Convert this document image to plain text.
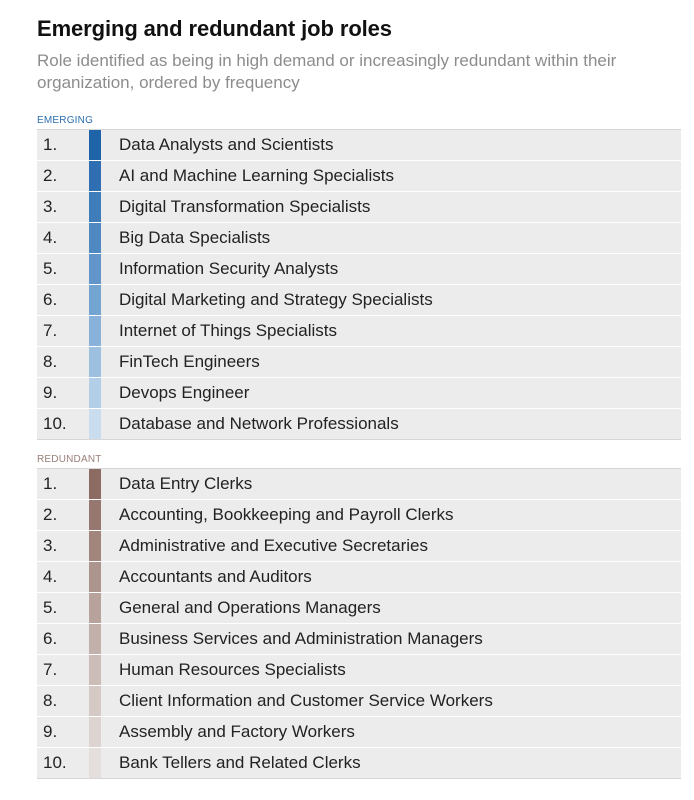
Emerging and redundant job roles

Role identified as being in high demand or increasingly redundant within their organization, ordered by frequency

EMERGING
1.	Data Analysts and Scientists
2.	AI and Machine Learning Specialists
3.	Digital Transformation Specialists
4.	Big Data Specialists
5.	Information Security Analysts
6.	Digital Marketing and Strategy Specialists
7.	Internet of Things Specialists
8.	FinTech Engineers
9.	Devops Engineer
10.	Database and Network Professionals
REDUNDANT
1.	Data Entry Clerks
2.	Accounting, Bookkeeping and Payroll Clerks
3.	Administrative and Executive Secretaries
4.	Accountants and Auditors
5.	General and Operations Managers
6.	Business Services and Administration Managers
7.	Human Resources Specialists
8.	Client Information and Customer Service Workers
9.	Assembly and Factory Workers
10.	Bank Tellers and Related Clerks
